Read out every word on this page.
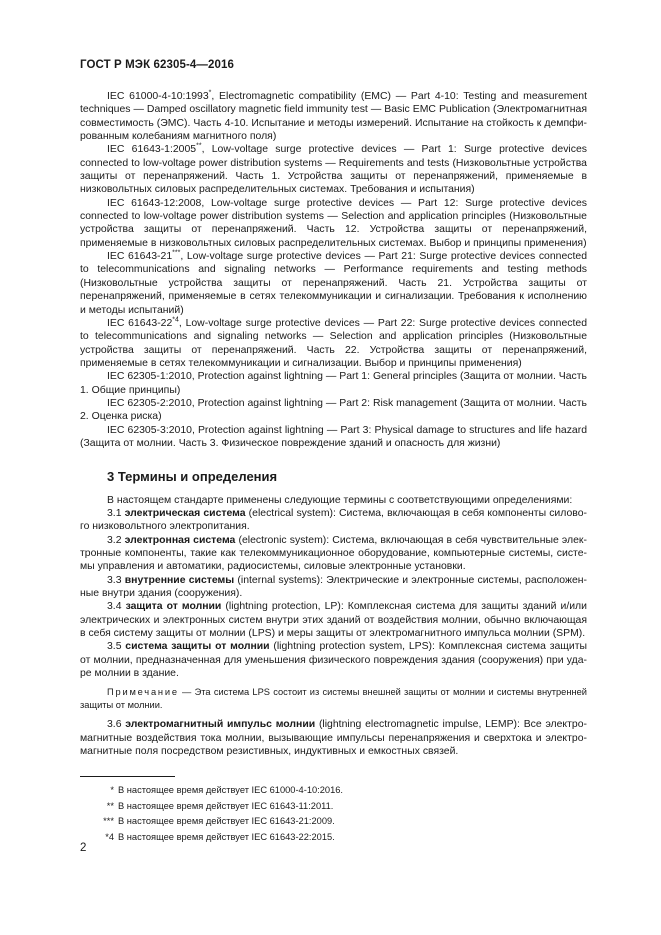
ГОСТ Р МЭК 62305-4—2016

IEC 61000-4-10:1993*, Electromagnetic compatibility (EMC) — Part 4-10: Testing and measurement techniques — Damped oscillatory magnetic field immunity test — Basic EMC Publication (Электромагнитная совместимость (ЭМС). Часть 4-10. Испытание и методы измерений. Испытание на стойкость к демпфированным колебаниям магнитного поля)

IEC 61643-1:2005**, Low-voltage surge protective devices — Part 1: Surge protective devices connected to low-voltage power distribution systems — Requirements and tests (Низковольтные устройства защиты от перенапряжений. Часть 1. Устройства защиты от перенапряжений, применяемые в низковольтных силовых распределительных системах. Требования и испытания)

IEC 61643-12:2008, Low-voltage surge protective devices — Part 12: Surge protective devices connected to low-voltage power distribution systems — Selection and application principles (Низковольтные устройства защиты от перенапряжений. Часть 12. Устройства защиты от перенапряжений, применяемые в низковольтных силовых распределительных системах. Выбор и принципы применения)

IEC 61643-21***, Low-voltage surge protective devices — Part 21: Surge protective devices connected to telecommunications and signaling networks — Performance requirements and testing methods (Низковольтные устройства защиты от перенапряжений. Часть 21. Устройства защиты от перенапряжений, применяемые в сетях телекоммуникации и сигнализации. Требования к исполнению и методы испытаний)

IEC 61643-22$^{*4}$, Low-voltage surge protective devices — Part 22: Surge protective devices connected to telecommunications and signaling networks — Selection and application principles (Низковольтные устройства защиты от перенапряжений. Часть 22. Устройства защиты от перенапряжений, применяемые в сетях телекоммуникации и сигнализации. Выбор и принципы применения)

IEC 62305-1:2010, Protection against lightning — Part 1: General principles (Защита от молнии. Часть 1. Общие принципы)

IEC 62305-2:2010, Protection against lightning — Part 2: Risk management (Защита от молнии. Часть 2. Оценка риска)

IEC 62305-3:2010, Protection against lightning — Part 3: Physical damage to structures and life hazard (Защита от молнии. Часть 3. Физическое повреждение зданий и опасность для жизни)

3 Термины и определения

В настоящем стандарте применены следующие термины с соответствующими определениями:

3.1 электрическая система (electrical system): Система, включающая в себя компоненты силового низковольтного электропитания.

3.2 электронная система (electronic system): Система, включающая в себя чувствительные электронные компоненты, такие как телекоммуникационное оборудование, компьютерные системы, системы управления и автоматики, радиосистемы, силовые электронные установки.

3.3 внутренние системы (internal systems): Электрические и электронные системы, расположенные внутри здания (сооружения).

3.4 защита от молнии (lightning protection, LP): Комплексная система для защиты зданий и/или электрических и электронных систем внутри этих зданий от воздействия молнии, обычно включающая в себя систему защиты от молнии (LPS) и меры защиты от электромагнитного импульса молнии (SPM).

3.5 система защиты от молнии (lightning protection system, LPS): Комплексная система защиты от молнии, предназначенная для уменьшения физического повреждения здания (сооружения) при ударе молнии в здание.

Примечание — Эта система LPS состоит из системы внешней защиты от молнии и системы внутренней защиты от молнии.

3.6 электромагнитный импульс молнии (lightning electromagnetic impulse, LEMP): Все электромагнитные воздействия тока молнии, вызывающие импульсы перенапряжения и сверхтока и электромагнитные поля посредством резистивных, индуктивных и емкостных связей.

* В настоящее время действует IEC 61000-4-10:2016.
** В настоящее время действует IEC 61643-11:2011.
*** В настоящее время действует IEC 61643-21:2009.
*4 В настоящее время действует IEC 61643-22:2015.
2
